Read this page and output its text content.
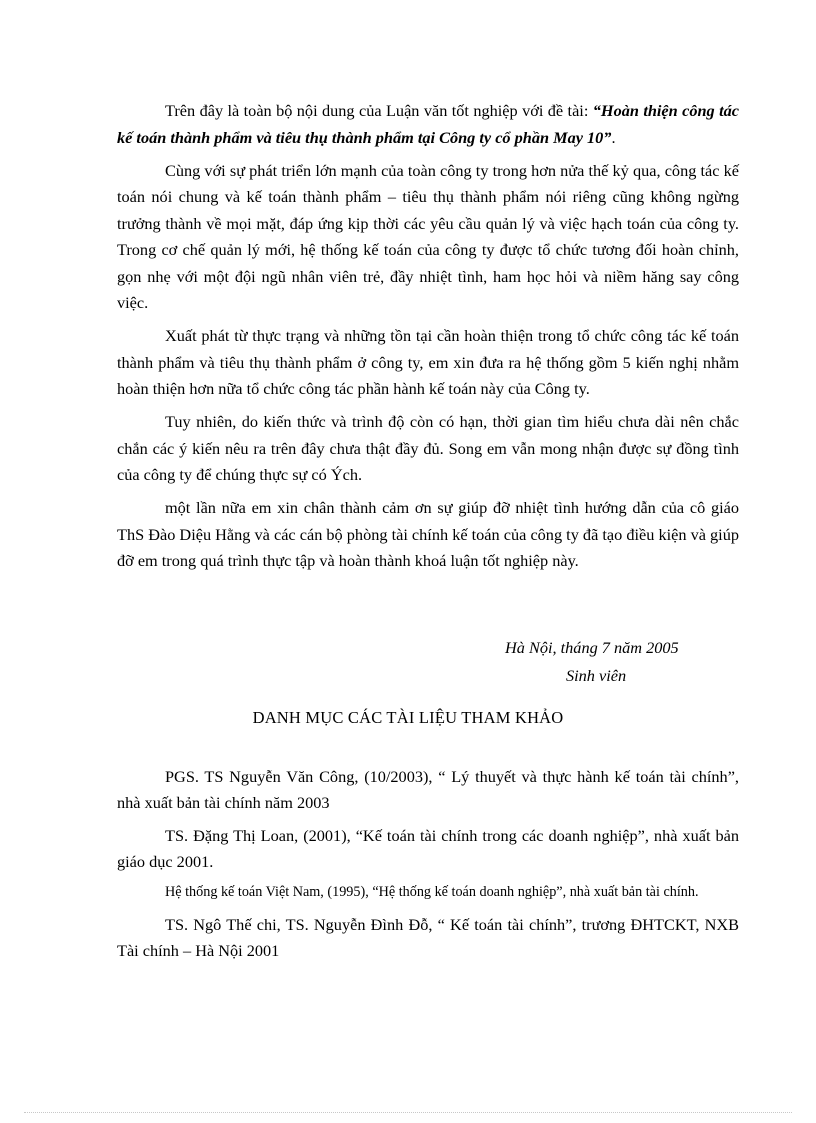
Trên đây là toàn bộ nội dung của Luận văn tốt nghiệp với đề tài: “Hoàn thiện công tác kế toán thành phẩm và tiêu thụ thành phẩm tại Công ty cổ phần May 10”.

Cùng với sự phát triển lớn mạnh của toàn công ty trong hơn nửa thế kỷ qua, công tác kế toán nói chung và kế toán thành phẩm – tiêu thụ thành phẩm nói riêng cũng không ngừng trưởng thành về mọi mặt, đáp ứng kịp thời các yêu cầu quản lý và việc hạch toán của công ty. Trong cơ chế quản lý mới, hệ thống kế toán của công ty được tổ chức tương đối hoàn chỉnh, gọn nhẹ với một đội ngũ nhân viên trẻ, đầy nhiệt tình, ham học hỏi và niềm hăng say công việc.

Xuất phát từ thực trạng và những tồn tại cần hoàn thiện trong tổ chức công tác kế toán thành phẩm và tiêu thụ thành phẩm ở công ty, em xin đưa ra hệ thống gồm 5 kiến nghị nhằm hoàn thiện hơn nữa tổ chức công tác phần hành kế toán này của Công ty.

Tuy nhiên, do kiến thức và trình độ còn có hạn, thời gian tìm hiểu chưa dài nên chắc chắn các ý kiến nêu ra trên đây chưa thật đầy đủ. Song em vẫn mong nhận được sự đồng tình của công ty để chúng thực sự có Ých.

một lần nữa em xin chân thành cảm ơn sự giúp đỡ nhiệt tình hướng dẫn của cô giáo ThS Đào Diệu Hằng và các cán bộ phòng tài chính kế toán của công ty đã tạo điều kiện và giúp đỡ em trong quá trình thực tập và hoàn thành khoá luận tốt nghiệp này.

Hà Nội, tháng 7 năm 2005
Sinh viên
DANH MỤC CÁC TÀI LIỆU THAM KHẢO

PGS. TS Nguyễn Văn Công, (10/2003), “ Lý thuyết và thực hành kế toán tài chính”, nhà xuất bản tài chính năm 2003

TS. Đặng Thị Loan, (2001), “Kế toán tài chính trong các doanh nghiệp”, nhà xuất bản giáo dục 2001.

Hệ thống kế toán Việt Nam, (1995), “Hệ thống kế toán doanh nghiệp”, nhà xuất bản tài chính.

TS. Ngô Thế chi, TS. Nguyễn Đình Đỗ, “ Kế toán tài chính”, trương ĐHTCKT, NXB Tài chính – Hà Nội 2001
